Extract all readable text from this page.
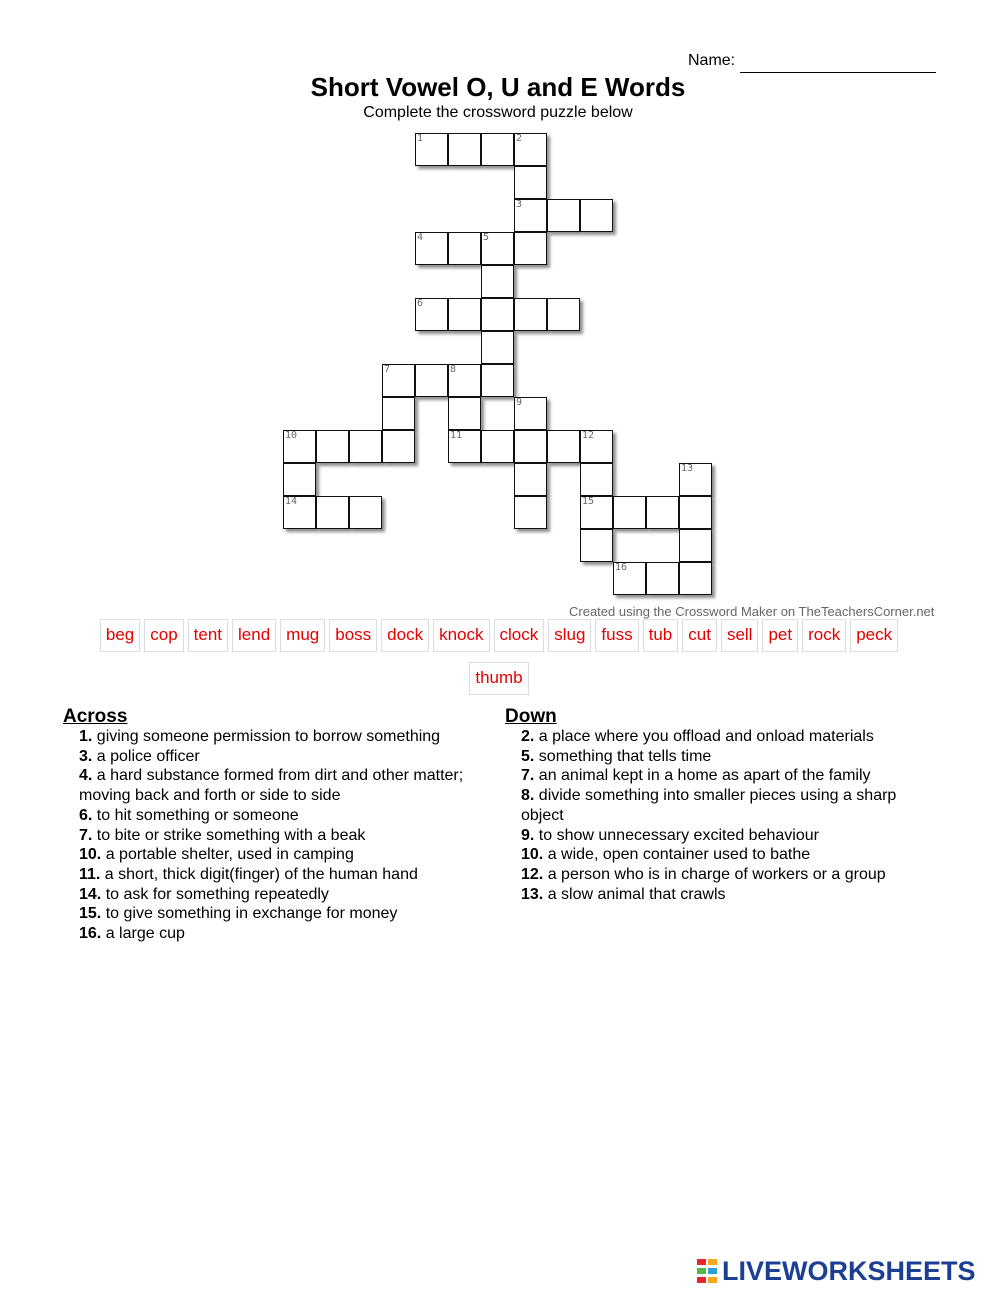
Name:
Short Vowel O, U and E Words
Complete the crossword puzzle below
1	2
3
4	5
6
7	8
9
10	11	12
13
14	15
16
Created using the Crossword Maker on TheTeachersCorner.net
beg cop tent lend mug boss dock knock clock slug fuss tub cut sell pet rock peck
thumb
Across
1. giving someone permission to borrow something
3. a police officer
4. a hard substance formed from dirt and other matter; moving back and forth or side to side
6. to hit something or someone
7. to bite or strike something with a beak
10. a portable shelter, used in camping
11. a short, thick digit(finger) of the human hand
14. to ask for something repeatedly
15. to give something in exchange for money
16. a large cup
Down
2. a place where you offload and onload materials
5. something that tells time
7. an animal kept in a home as apart of the family
8. divide something into smaller pieces using a sharp object
9. to show unnecessary excited behaviour
10. a wide, open container used to bathe
12. a person who is in charge of workers or a group
13. a slow animal that crawls
LIVEWORKSHEETS
